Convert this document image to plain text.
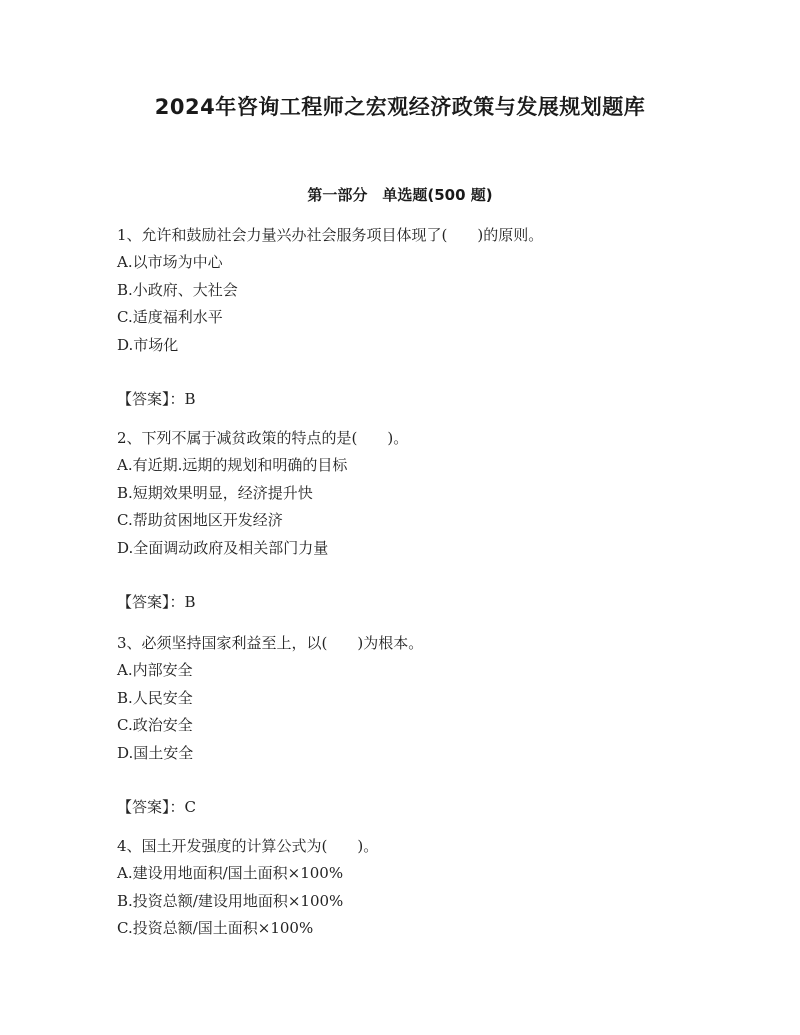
2024年咨询工程师之宏观经济政策与发展规划题库
第一部分　单选题(500 题)
1、允许和鼓励社会力量兴办社会服务项目体现了(　　)的原则。
A.以市场为中心
B.小政府、大社会
C.适度福利水平
D.市场化
【答案】：B
2、下列不属于减贫政策的特点的是(　　)。
A.有近期.远期的规划和明确的目标
B.短期效果明显，经济提升快
C.帮助贫困地区开发经济
D.全面调动政府及相关部门力量
【答案】：B
3、必须坚持国家利益至上，以(　　)为根本。
A.内部安全
B.人民安全
C.政治安全
D.国土安全
【答案】：C
4、国土开发强度的计算公式为(　　)。
A.建设用地面积/国土面积×100%
B.投资总额/建设用地面积×100%
C.投资总额/国土面积×100%
